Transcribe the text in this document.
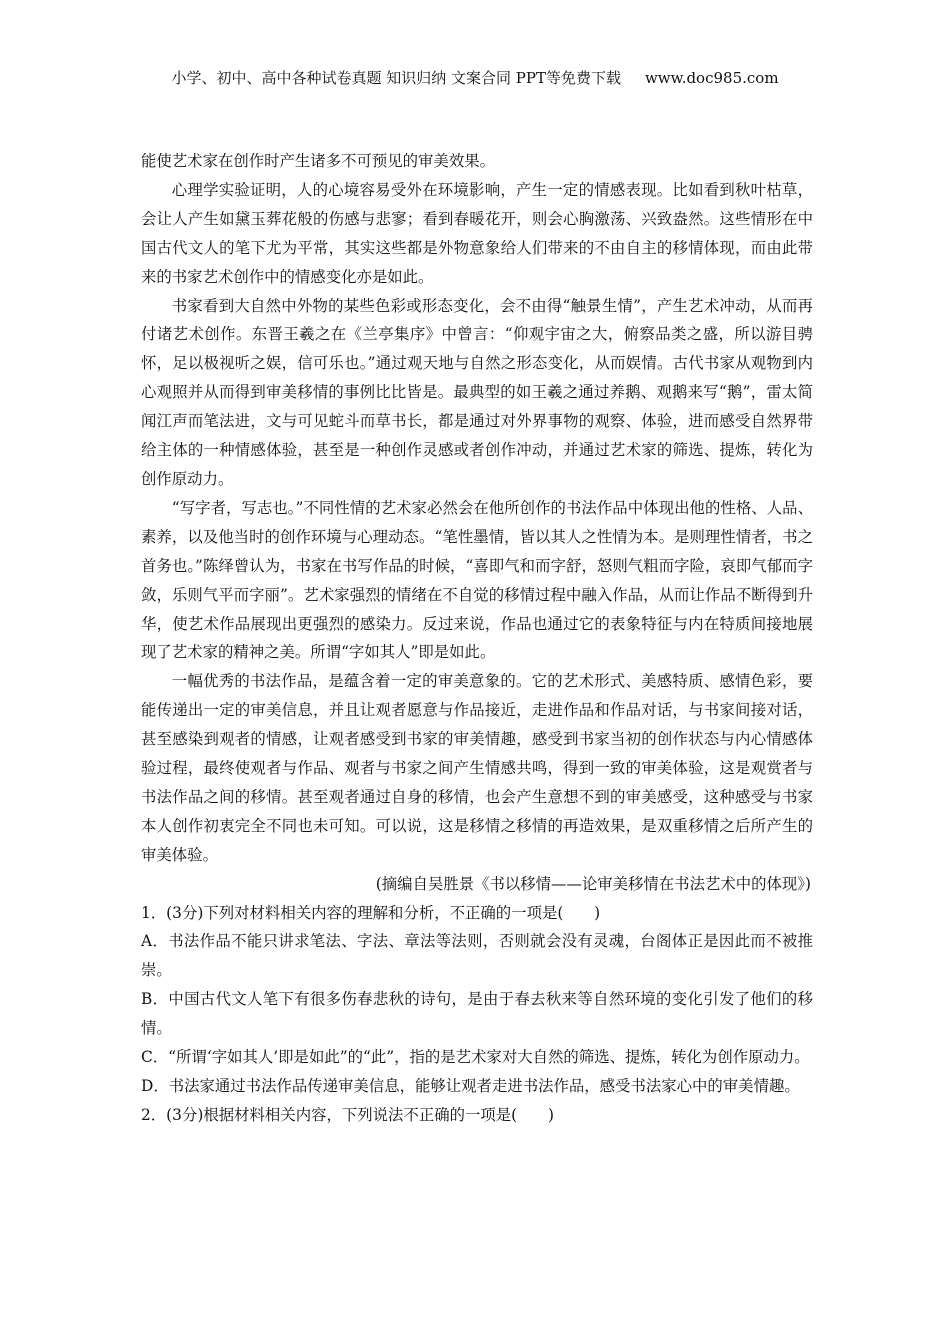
小学、初中、高中各种试卷真题 知识归纳 文案合同 PPT等免费下载 www.doc985.com

能使艺术家在创作时产生诸多不可预见的审美效果。

心理学实验证明，人的心境容易受外在环境影响，产生一定的情感表现。比如看到秋叶枯草，会让人产生如黛玉葬花般的伤感与悲寥；看到春暖花开，则会心胸激荡、兴致盎然。这些情形在中国古代文人的笔下尤为平常，其实这些都是外物意象给人们带来的不由自主的移情体现，而由此带来的书家艺术创作中的情感变化亦是如此。

书家看到大自然中外物的某些色彩或形态变化，会不由得“触景生情”，产生艺术冲动，从而再付诸艺术创作。东晋王羲之在《兰亭集序》中曾言：“仰观宇宙之大，俯察品类之盛，所以游目骋怀，足以极视听之娱，信可乐也。”通过观天地与自然之形态变化，从而娱情。古代书家从观物到内心观照并从而得到审美移情的事例比比皆是。最典型的如王羲之通过养鹅、观鹅来写“鹅”，雷太简闻江声而笔法进，文与可见蛇斗而草书长，都是通过对外界事物的观察、体验，进而感受自然界带给主体的一种情感体验，甚至是一种创作灵感或者创作冲动，并通过艺术家的筛选、提炼，转化为创作原动力。

“写字者，写志也。”不同性情的艺术家必然会在他所创作的书法作品中体现出他的性格、人品、素养，以及他当时的创作环境与心理动态。“笔性墨情，皆以其人之性情为本。是则理性情者，书之首务也。”陈绎曾认为，书家在书写作品的时候，“喜即气和而字舒，怒则气粗而字险，哀即气郁而字敛，乐则气平而字丽”。艺术家强烈的情绪在不自觉的移情过程中融入作品，从而让作品不断得到升华，使艺术作品展现出更强烈的感染力。反过来说，作品也通过它的表象特征与内在特质间接地展现了艺术家的精神之美。所谓“字如其人”即是如此。

一幅优秀的书法作品，是蕴含着一定的审美意象的。它的艺术形式、美感特质、感情色彩，要能传递出一定的审美信息，并且让观者愿意与作品接近，走进作品和作品对话，与书家间接对话，甚至感染到观者的情感，让观者感受到书家的审美情趣，感受到书家当初的创作状态与内心情感体验过程，最终使观者与作品、观者与书家之间产生情感共鸣，得到一致的审美体验，这是观赏者与书法作品之间的移情。甚至观者通过自身的移情，也会产生意想不到的审美感受，这种感受与书家本人创作初衷完全不同也未可知。可以说，这是移情之移情的再造效果，是双重移情之后所产生的审美体验。

(摘编自吴胜景《书以移情——论审美移情在书法艺术中的体现》)

1．(3分)下列对材料相关内容的理解和分析，不正确的一项是(　　)

A．书法作品不能只讲求笔法、字法、章法等法则，否则就会没有灵魂，台阁体正是因此而不被推崇。

B．中国古代文人笔下有很多伤春悲秋的诗句，是由于春去秋来等自然环境的变化引发了他们的移情。

C．“所谓‘字如其人’即是如此”的“此”，指的是艺术家对大自然的筛选、提炼，转化为创作原动力。

D．书法家通过书法作品传递审美信息，能够让观者走进书法作品，感受书法家心中的审美情趣。

2．(3分)根据材料相关内容，下列说法不正确的一项是(　　)
